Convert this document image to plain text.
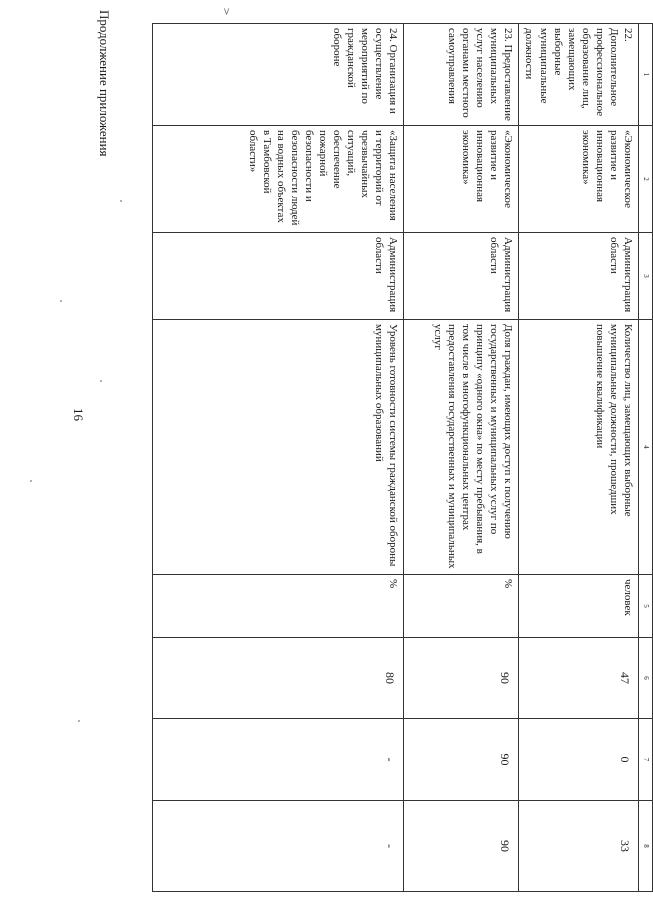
Продолжение приложения
16
>
1	2	3	4	5	6	7	8
22. Дополнительное профессиональное образование лиц, замещающих выборные муниципальные должности	«Экономическое развитие и инновационная экономика»	Администрация области	Количество лиц, замещающих выборные муниципальные должности, прошедших повышение квалификации	человек	47	0	33

23. Предоставление муниципальных услуг населению органами местного самоуправления	«Экономическое развитие и инновационная экономика»	Администрация области	Доля граждан, имеющих доступ к получению государственных и муниципальных услуг по принципу «одного окна» по месту пребывания, в том числе в многофункциональных центрах предоставления государственных и муниципальных услуг	%	90	90	90

24. Организация и осуществление мероприятий по гражданской обороне	«Защита населения и территорий от чрезвычайных ситуаций, обеспечение пожарной безопасности и безопасности людей на водных объектах в Тамбовской области»	Администрация области	Уровень готовности системы гражданской обороны муниципальных образований	%	80	-	-
